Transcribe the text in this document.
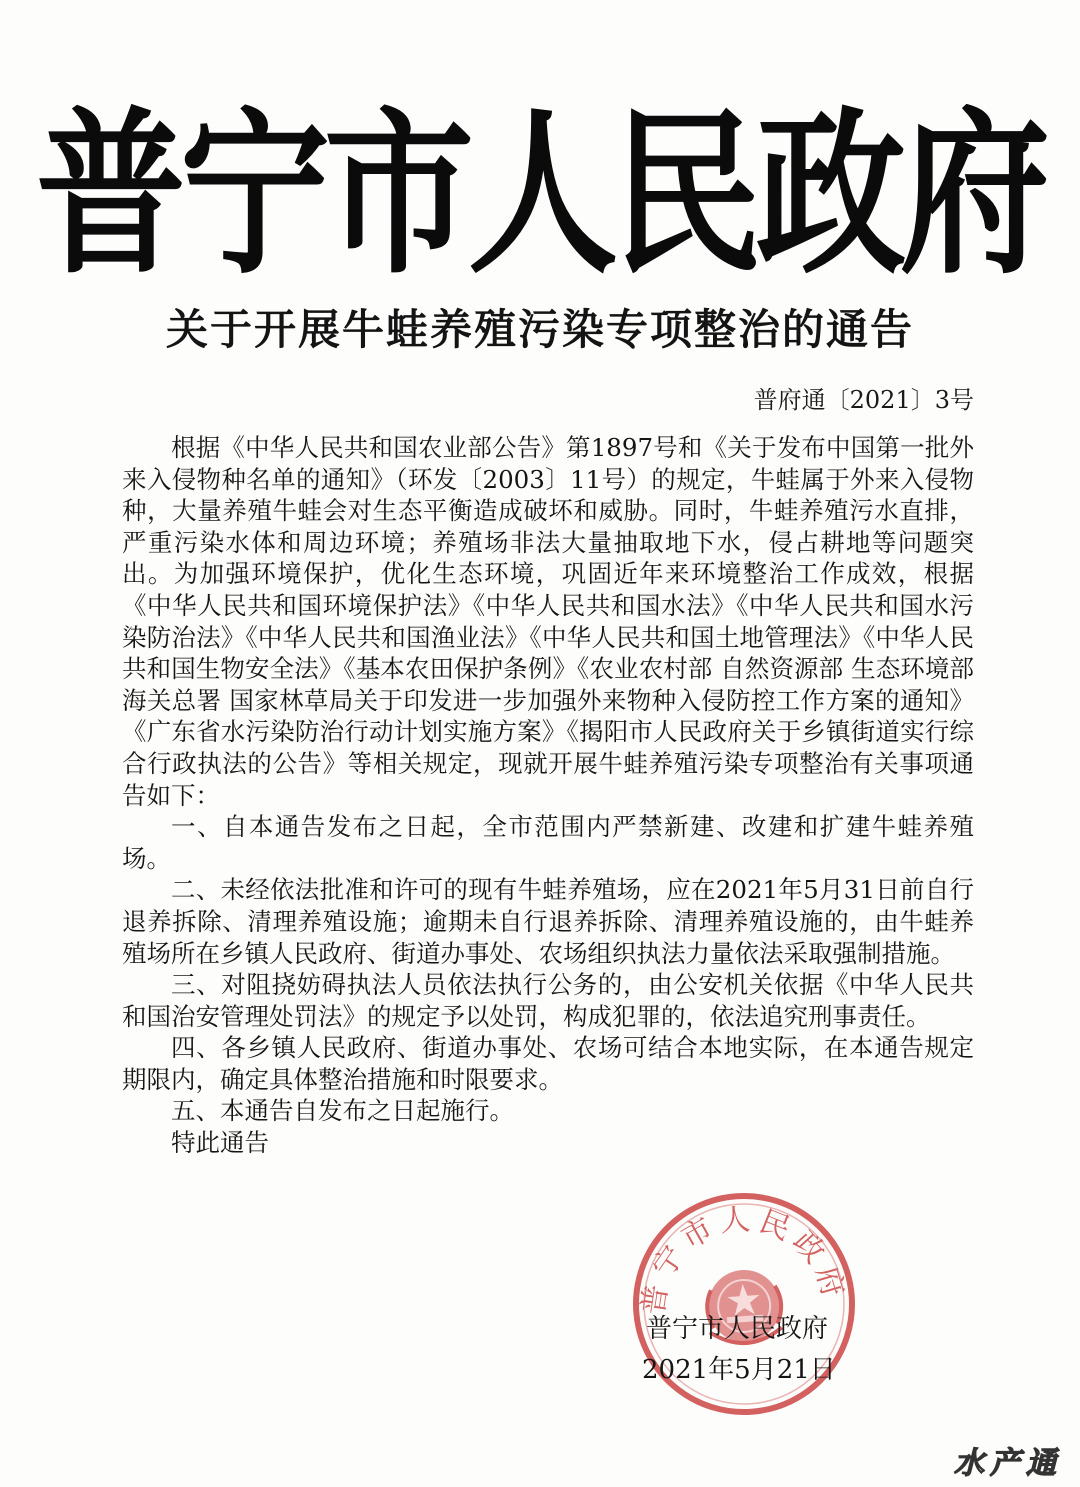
普宁市人民政府
关于开展牛蛙养殖污染专项整治的通告
普府通〔2021〕3号

根据《中华人民共和国农业部公告》第1897号和《关于发布中国第一批外来入侵物种名单的通知》（环发〔2003〕11号）的规定，牛蛙属于外来入侵物种，大量养殖牛蛙会对生态平衡造成破坏和威胁。同时，牛蛙养殖污水直排，严重污染水体和周边环境；养殖场非法大量抽取地下水，侵占耕地等问题突出。为加强环境保护，优化生态环境，巩固近年来环境整治工作成效，根据《中华人民共和国环境保护法》《中华人民共和国水法》《中华人民共和国水污染防治法》《中华人民共和国渔业法》《中华人民共和国土地管理法》《中华人民共和国生物安全法》《基本农田保护条例》《农业农村部 自然资源部 生态环境部 海关总署 国家林草局关于印发进一步加强外来物种入侵防控工作方案的通知》《广东省水污染防治行动计划实施方案》《揭阳市人民政府关于乡镇街道实行综合行政执法的公告》等相关规定，现就开展牛蛙养殖污染专项整治有关事项通告如下：

一、自本通告发布之日起，全市范围内严禁新建、改建和扩建牛蛙养殖场。

二、未经依法批准和许可的现有牛蛙养殖场，应在2021年5月31日前自行退养拆除、清理养殖设施；逾期未自行退养拆除、清理养殖设施的，由牛蛙养殖场所在乡镇人民政府、街道办事处、农场组织执法力量依法采取强制措施。

三、对阻挠妨碍执法人员依法执行公务的，由公安机关依据《中华人民共和国治安管理处罚法》的规定予以处罚，构成犯罪的，依法追究刑事责任。

四、各乡镇人民政府、街道办事处、农场可结合本地实际，在本通告规定期限内，确定具体整治措施和时限要求。

五、本通告自发布之日起施行。

特此通告

普宁市人民政府
普宁市人民政府
2021年5月21日
水产通
